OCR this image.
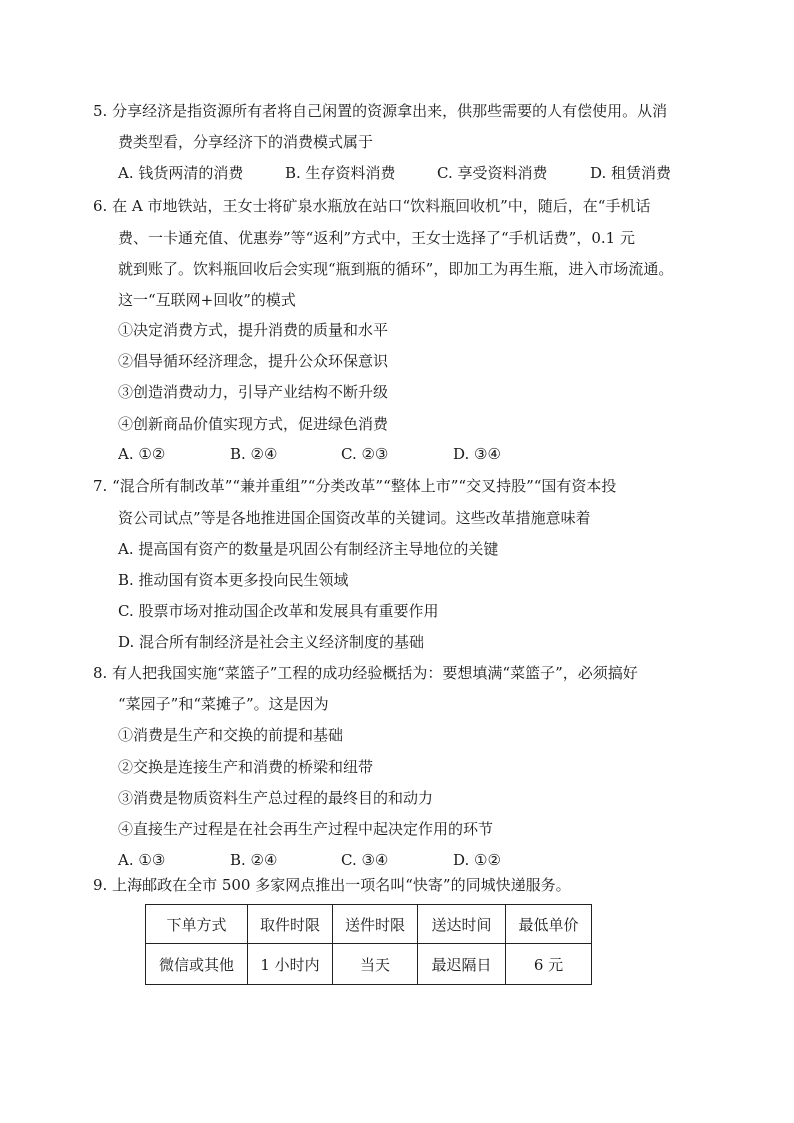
5. 分享经济是指资源所有者将自己闲置的资源拿出来，供那些需要的人有偿使用。从消
费类型看，分享经济下的消费模式属于
A. 钱货两清的消费	B. 生存资料消费	C. 享受资料消费	D. 租赁消费
6. 在 A 市地铁站，王女士将矿泉水瓶放在站口“饮料瓶回收机”中，随后，在“手机话
费、一卡通充值、优惠券”等“返利”方式中，王女士选择了“手机话费”，0.1 元
就到账了。饮料瓶回收后会实现“瓶到瓶的循环”，即加工为再生瓶，进入市场流通。
这一“互联网+回收”的模式
①决定消费方式，提升消费的质量和水平
②倡导循环经济理念，提升公众环保意识
③创造消费动力，引导产业结构不断升级
④创新商品价值实现方式，促进绿色消费
A. ①②	B. ②④	C. ②③	D. ③④
7. “混合所有制改革”“兼并重组”“分类改革”“整体上市”“交叉持股”“国有资本投
资公司试点”等是各地推进国企国资改革的关键词。这些改革措施意味着
A. 提高国有资产的数量是巩固公有制经济主导地位的关键
B. 推动国有资本更多投向民生领域
C. 股票市场对推动国企改革和发展具有重要作用
D. 混合所有制经济是社会主义经济制度的基础
8. 有人把我国实施“菜篮子”工程的成功经验概括为：要想填满“菜篮子”，必须搞好
“菜园子”和“菜摊子”。这是因为
①消费是生产和交换的前提和基础
②交换是连接生产和消费的桥梁和纽带
③消费是物质资料生产总过程的最终目的和动力
④直接生产过程是在社会再生产过程中起决定作用的环节
A. ①③	B. ②④	C. ③④	D. ①②
9. 上海邮政在全市 500 多家网点推出一项名叫“快寄”的同城快递服务。
下单方式	取件时限	送件时限	送达时间	最低单价
微信或其他	1 小时内	当天	最迟隔日	6 元
